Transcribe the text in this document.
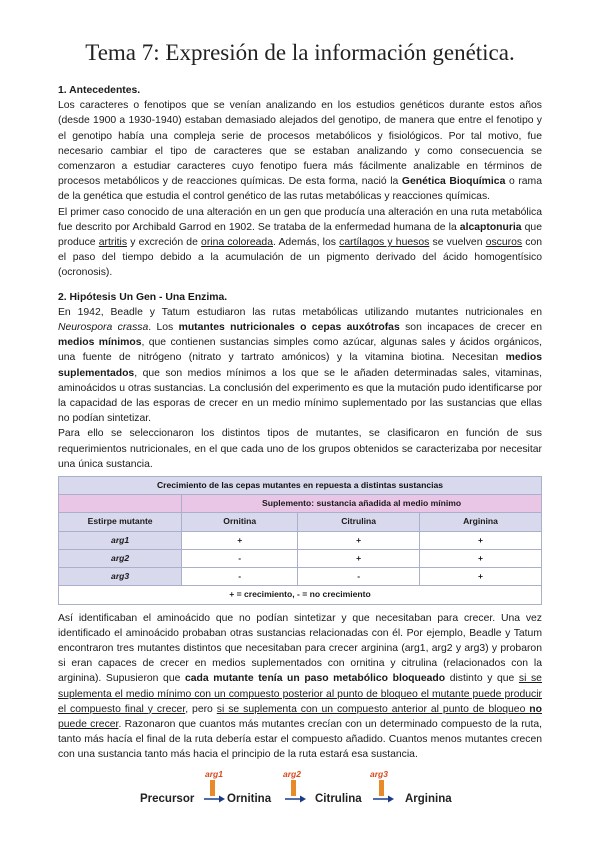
Tema 7: Expresión de la información genética.

1. Antecedentes.

Los caracteres o fenotipos que se venían analizando en los estudios genéticos durante estos años (desde 1900 a 1930-1940) estaban demasiado alejados del genotipo, de manera que entre el fenotipo y el genotipo había una compleja serie de procesos metabólicos y fisiológicos. Por tal motivo, fue necesario cambiar el tipo de caracteres que se estaban analizando y como consecuencia se comenzaron a estudiar caracteres cuyo fenotipo fuera más fácilmente analizable en términos de procesos metabólicos y de reacciones químicas. De esta forma, nació la Genética Bioquímica o rama de la genética que estudia el control genético de las rutas metabólicas y reacciones químicas.

El primer caso conocido de una alteración en un gen que producía una alteración en una ruta metabólica fue descrito por Archibald Garrod en 1902. Se trataba de la enfermedad humana de la alcaptonuria que produce artritis y excreción de orina coloreada. Además, los cartílagos y huesos se vuelven oscuros con el paso del tiempo debido a la acumulación de un pigmento derivado del ácido homogentísico (ocronosis).

2. Hipótesis Un Gen - Una Enzima.

En 1942, Beadle y Tatum estudiaron las rutas metabólicas utilizando mutantes nutricionales en Neurospora crassa. Los mutantes nutricionales o cepas auxótrofas son incapaces de crecer en medios mínimos, que contienen sustancias simples como azúcar, algunas sales y ácidos orgánicos, una fuente de nitrógeno (nitrato y tartrato amónicos) y la vitamina biotina. Necesitan medios suplementados, que son medios mínimos a los que se le añaden determinadas sales, vitaminas, aminoácidos u otras sustancias. La conclusión del experimento es que la mutación pudo identificarse por la capacidad de las esporas de crecer en un medio mínimo suplementado por las sustancias que ellas no podían sintetizar.

Para ello se seleccionaron los distintos tipos de mutantes, se clasificaron en función de sus requerimientos nutricionales, en el que cada uno de los grupos obtenidos se caracterizaba por necesitar una única sustancia.

Crecimiento de las cepas mutantes en repuesta a distintas sustancias			
	Suplemento: sustancia añadida al medio mínimo		
Estirpe mutante	Ornitina	Citrulina	Arginina
arg1	+	+	+
arg2	-	+	+
arg3	-	-	+
+ = crecimiento, - = no crecimiento			

Así identificaban el aminoácido que no podían sintetizar y que necesitaban para crecer. Una vez identificado el aminoácido probaban otras sustancias relacionadas con él. Por ejemplo, Beadle y Tatum encontraron tres mutantes distintos que necesitaban para crecer arginina (arg1, arg2 y arg3) y probaron si eran capaces de crecer en medios suplementados con ornitina y citrulina (relacionados con la arginina). Supusieron que cada mutante tenía un paso metabólico bloqueado distinto y que si se suplementa el medio mínimo con un compuesto posterior al punto de bloqueo el mutante puede producir el compuesto final y crecer, pero si se suplementa con un compuesto anterior al punto de bloqueo no puede crecer. Razonaron que cuantos más mutantes crecían con un determinado compuesto de la ruta, tanto más hacía el final de la ruta debería estar el compuesto añadido. Cuantos menos mutantes crecen con una sustancia tanto más hacia el principio de la ruta estará esa sustancia.

Precursor	Ornitina	Citrulina	Arginina
arg1	arg2	arg3
